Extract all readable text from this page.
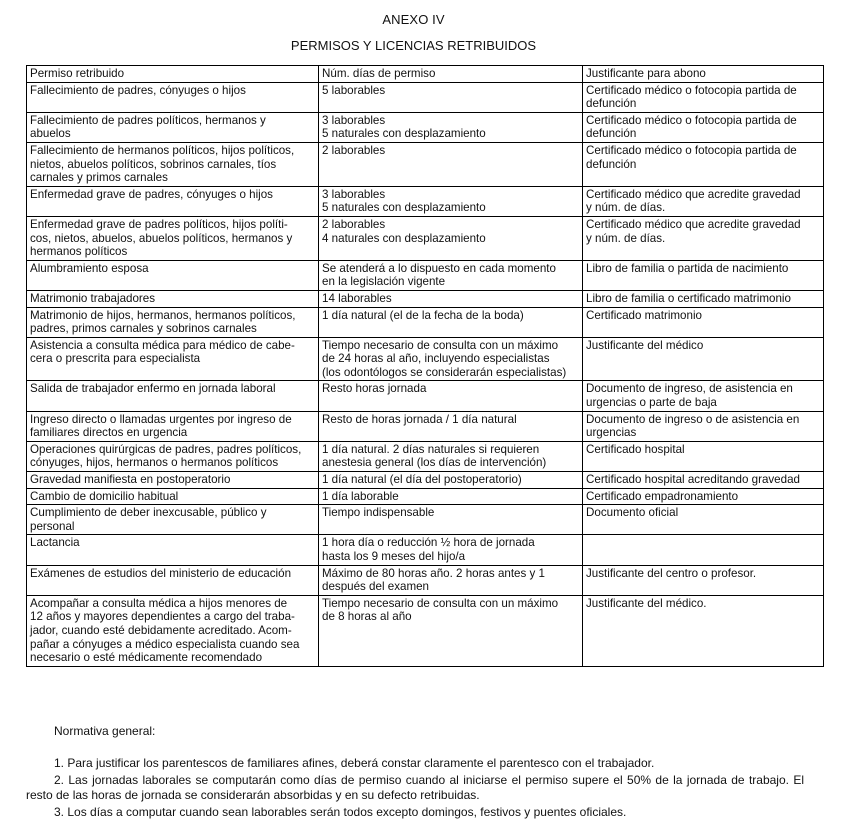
ANEXO IV
PERMISOS Y LICENCIAS RETRIBUIDOS
Permiso retribuido	Núm. días de permiso	Justificante para abono

Fallecimiento de padres, cónyuges o hijos	5 laborables	Certificado médico o fotocopia partida de
defunción

Fallecimiento de padres políticos, hermanos y
abuelos	3 laborables
5 naturales con desplazamiento	Certificado médico o fotocopia partida de
defunción

Fallecimiento de hermanos políticos, hijos políticos,
nietos, abuelos políticos, sobrinos carnales, tíos
carnales y primos carnales	2 laborables	Certificado médico o fotocopia partida de
defunción

Enfermedad grave de padres, cónyuges o hijos	3 laborables
5 naturales con desplazamiento	Certificado médico que acredite gravedad
y núm. de días.

Enfermedad grave de padres políticos, hijos políti-
cos, nietos, abuelos, abuelos políticos, hermanos y
hermanos políticos	2 laborables
4 naturales con desplazamiento	Certificado médico que acredite gravedad
y núm. de días.

Alumbramiento esposa	Se atenderá a lo dispuesto en cada momento
en la legislación vigente	Libro de familia o partida de nacimiento

Matrimonio trabajadores	14 laborables	Libro de familia o certificado matrimonio

Matrimonio de hijos, hermanos, hermanos políticos,
padres, primos carnales y sobrinos carnales	1 día natural (el de la fecha de la boda)	Certificado matrimonio

Asistencia a consulta médica para médico de cabe-
cera o prescrita para especialista	Tiempo necesario de consulta con un máximo
de 24 horas al año, incluyendo especialistas
(los odontólogos se considerarán especialistas)	Justificante del médico

Salida de trabajador enfermo en jornada laboral	Resto horas jornada	Documento de ingreso, de asistencia en
urgencias o parte de baja

Ingreso directo o llamadas urgentes por ingreso de
familiares directos en urgencia	Resto de horas jornada / 1 día natural	Documento de ingreso o de asistencia en
urgencias

Operaciones quirúrgicas de padres, padres políticos,
cónyuges, hijos, hermanos o hermanos políticos	1 día natural. 2 días naturales si requieren
anestesia general (los días de intervención)	Certificado hospital

Gravedad manifiesta en postoperatorio	1 día natural (el día del postoperatorio)	Certificado hospital acreditando gravedad

Cambio de domicilio habitual	1 día laborable	Certificado empadronamiento

Cumplimiento de deber inexcusable, público y
personal	Tiempo indispensable	Documento oficial

Lactancia	1 hora día o reducción ½ hora de jornada
hasta los 9 meses del hijo/a	

Exámenes de estudios del ministerio de educación	Máximo de 80 horas año. 2 horas antes y 1
después del examen	Justificante del centro o profesor.

Acompañar a consulta médica a hijos menores de
12 años y mayores dependientes a cargo del traba-
jador, cuando esté debidamente acreditado. Acom-
pañar a cónyuges a médico especialista cuando sea
necesario o esté médicamente recomendado	Tiempo necesario de consulta con un máximo
de 8 horas al año	Justificante del médico.
Normativa general:
1. Para justificar los parentescos de familiares afines, deberá constar claramente el parentesco con el trabajador.
2. Las jornadas laborales se computarán como días de permiso cuando al iniciarse el permiso supere el 50% de la jornada de trabajo. El resto de las horas de jornada se considerarán absorbidas y en su defecto retribuidas.
3. Los días a computar cuando sean laborables serán todos excepto domingos, festivos y puentes oficiales.
